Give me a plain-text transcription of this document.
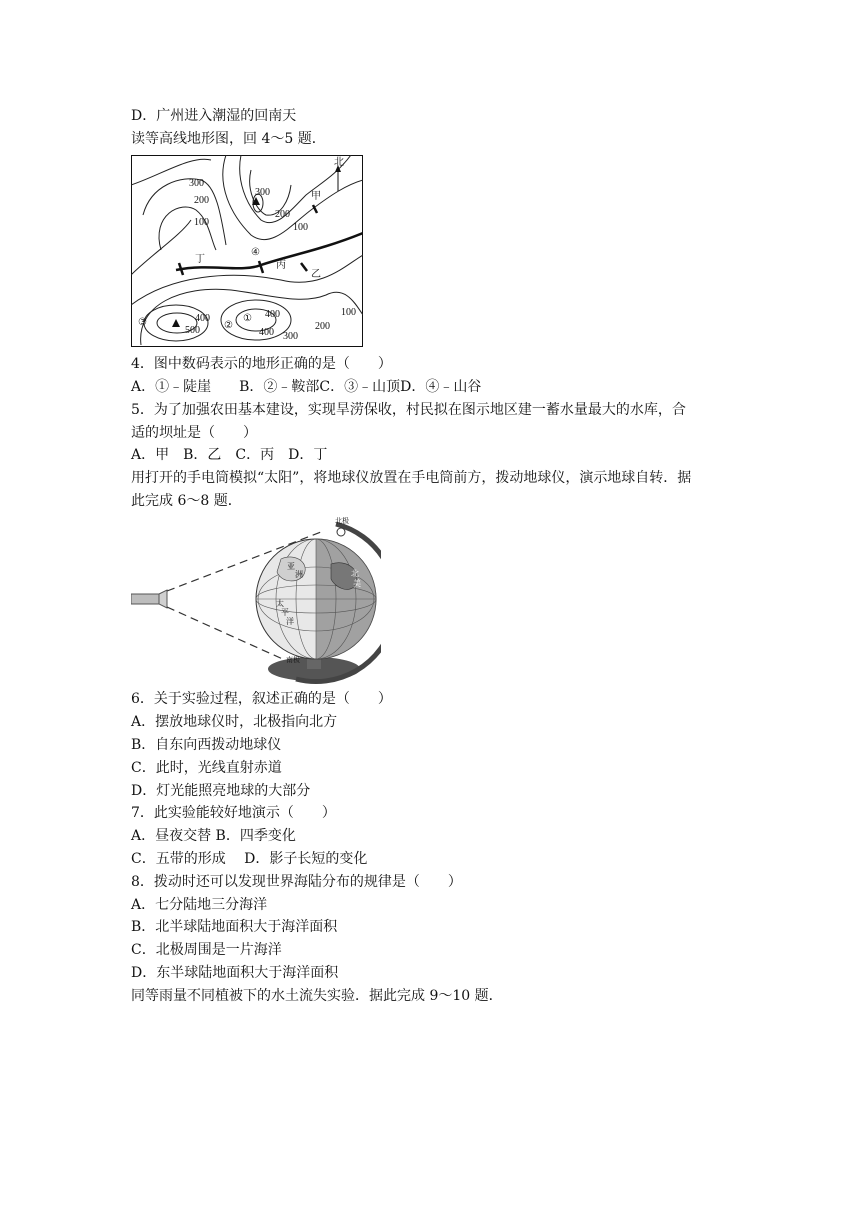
D．广州进入潮湿的回南天
读等高线地形图，回 4～5 题．
北
300
200
100
300
200
100
400
500
400
400 300
200
100
①
②
③
④
甲
乙
丙
丁
4．图中数码表示的地形正确的是（　　）
A．①﹣陡崖　　B．②﹣鞍部C．③﹣山顶D．④﹣山谷
5．为了加强农田基本建设，实现旱涝保收，村民拟在图示地区建一蓄水量最大的水库，合
适的坝址是（　　）
A．甲　B．乙　C．丙　D．丁
用打开的手电筒模拟“太阳”，将地球仪放置在手电筒前方，拨动地球仪，演示地球自转．据
此完成 6～8 题．
北极
南极
亚
洲
太
平
洋
北
美
6．关于实验过程，叙述正确的是（　　）
A．摆放地球仪时，北极指向北方
B．自东向西拨动地球仪
C．此时，光线直射赤道
D．灯光能照亮地球的大部分
7．此实验能较好地演示（　　）
A．昼夜交替 B．四季变化
C．五带的形成　 D．影子长短的变化
8．拨动时还可以发现世界海陆分布的规律是（　　）
A．七分陆地三分海洋
B．北半球陆地面积大于海洋面积
C．北极周围是一片海洋
D．东半球陆地面积大于海洋面积
同等雨量不同植被下的水土流失实验．据此完成 9～10 题．
